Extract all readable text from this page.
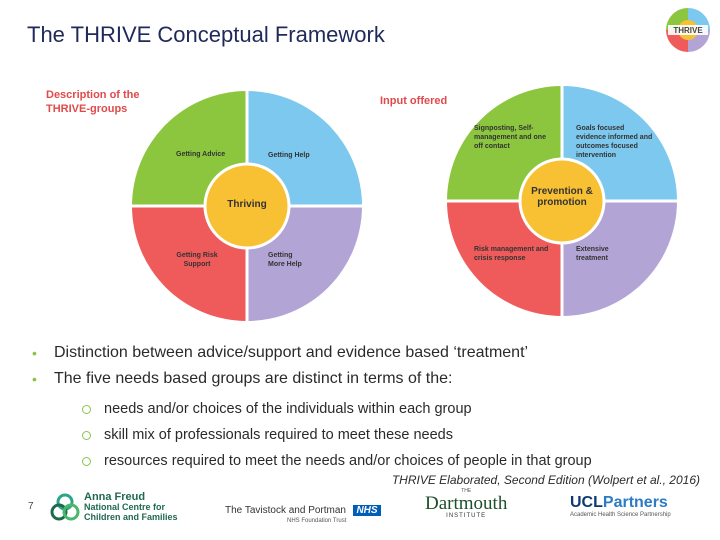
The THRIVE Conceptual Framework	THRIVE
Description of the THRIVE-groups
Input offered
Getting Advice	Getting Help
Getting Risk Support
Getting More Help
Thriving
Signposting, Self-management and one off contact
Goals focused evidence informed and outcomes focused intervention
Risk management and crisis response
Extensive treatment
Prevention & promotion
•	Distinction between advice/support and evidence based ‘treatment’
•	The five needs based groups are distinct in terms of the:
needs and/or choices of the individuals within each group
skill mix of professionals required to meet these needs
resources required to meet the needs and/or choices of people in that group
THRIVE Elaborated, Second Edition (Wolpert et al., 2016)
7
Anna Freud
National Centre for
Children and Families
The Tavistock and Portman NHS
NHS Foundation Trust
THE
Dartmouth
INSTITUTE
UCLPartners
Academic Health Science Partnership
